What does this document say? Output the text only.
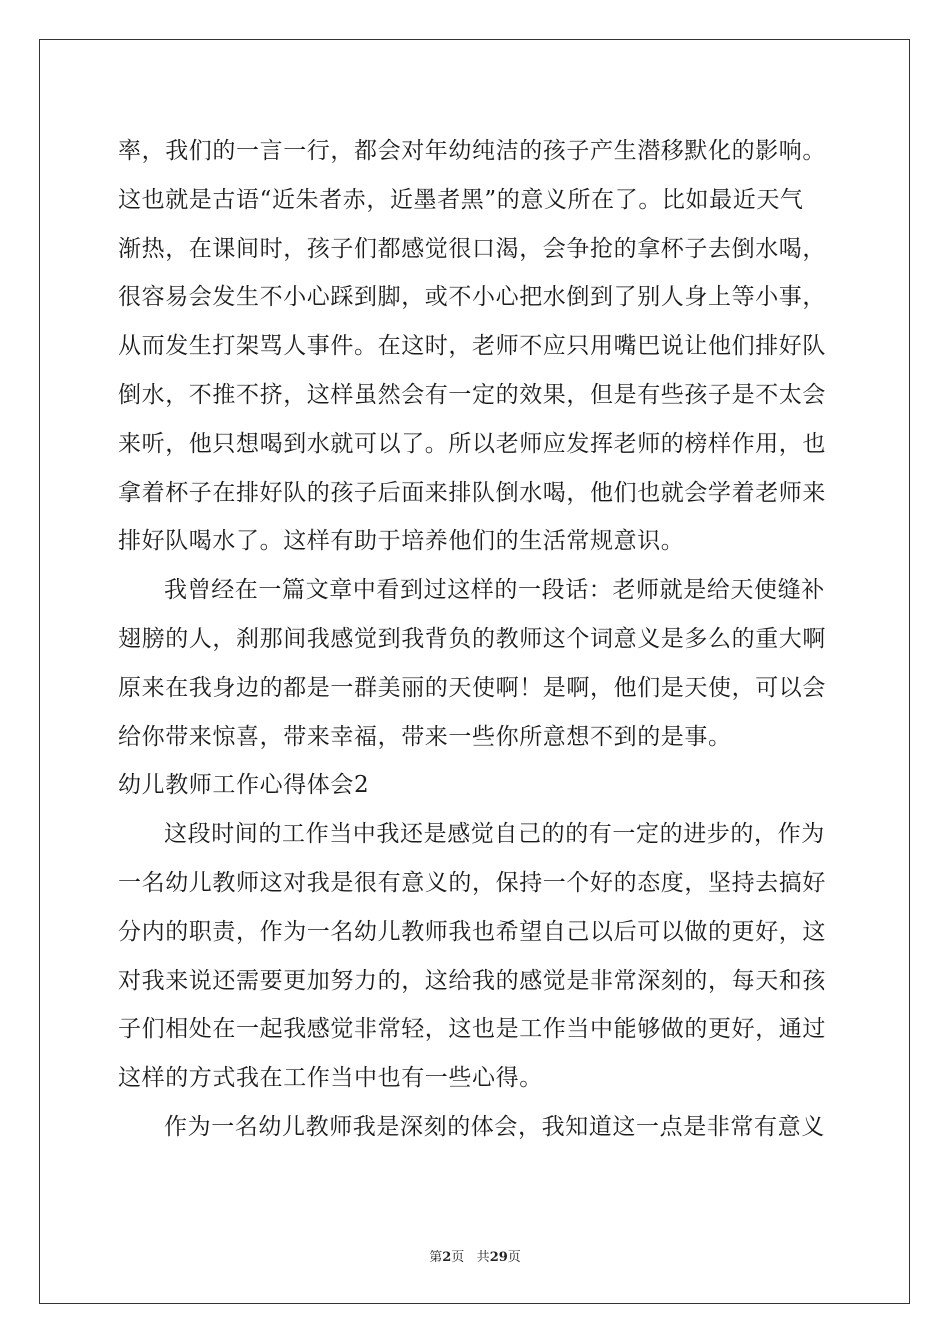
率，我们的一言一行，都会对年幼纯洁的孩子产生潜移默化的影响。
这也就是古语“近朱者赤，近墨者黑”的意义所在了。比如最近天气
渐热，在课间时，孩子们都感觉很口渴，会争抢的拿杯子去倒水喝，
很容易会发生不小心踩到脚，或不小心把水倒到了别人身上等小事，
从而发生打架骂人事件。在这时，老师不应只用嘴巴说让他们排好队
倒水，不推不挤，这样虽然会有一定的效果，但是有些孩子是不太会
来听，他只想喝到水就可以了。所以老师应发挥老师的榜样作用，也
拿着杯子在排好队的孩子后面来排队倒水喝，他们也就会学着老师来
排好队喝水了。这样有助于培养他们的生活常规意识。
我曾经在一篇文章中看到过这样的一段话：老师就是给天使缝补
翅膀的人，刹那间我感觉到我背负的教师这个词意义是多么的重大啊
原来在我身边的都是一群美丽的天使啊！是啊，他们是天使，可以会
给你带来惊喜，带来幸福，带来一些你所意想不到的是事。
幼儿教师工作心得体会2
这段时间的工作当中我还是感觉自己的的有一定的进步的，作为
一名幼儿教师这对我是很有意义的，保持一个好的态度，坚持去搞好
分内的职责，作为一名幼儿教师我也希望自己以后可以做的更好，这
对我来说还需要更加努力的，这给我的感觉是非常深刻的，每天和孩
子们相处在一起我感觉非常轻，这也是工作当中能够做的更好，通过
这样的方式我在工作当中也有一些心得。
作为一名幼儿教师我是深刻的体会，我知道这一点是非常有意义
第2页 共29页
